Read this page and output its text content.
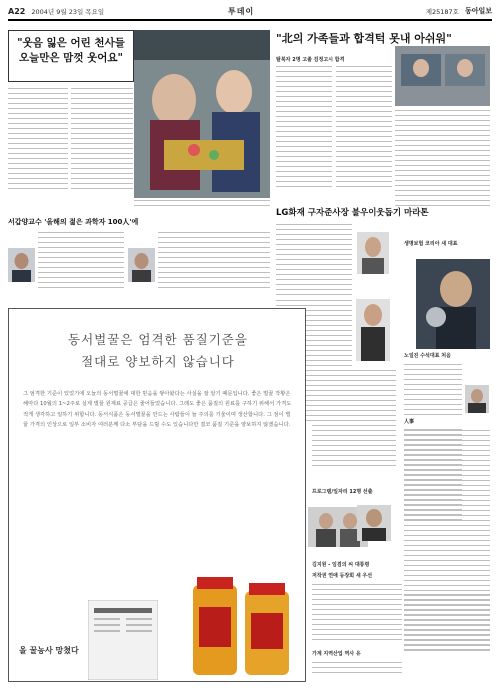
A22 2004년 9월 23일 목요일	투데이	제25187호 동아일보
"웃음 잃은 어린 천사들 오늘만은 맘껏 웃어요"
"北의 가족들과 합격턱 못내 아쉬워"
탈북자 2명 고졸 검정고시 합격
서갑양교수 '올해의 젊은 과학자 100人'에
LG화재 구자준사장 불우이웃돕기 마라톤
생명보험 코리아 새 대표
노일진 수석대표 처음
프로그램/일자리 12명 선출
김지원 - 임겸의 씨 대통령
저작권 연애 등장회 새 우선
가계 지역산업 역사 유
人事
동서벌꿀은 엄격한 품질기준을
절대로 양보하지 않습니다
그 엄격한 기준이 있었기에 오늘의 동서벌꿀에 대한 믿음을 쌓아왔다는 사실을 잘 알기 때문입니다. 좋은 벌꿀 작황은 해마다 10월의 1~2주로 실제 벌꿀 원재료 공급은 줄어들었습니다. 그래도 좋은 품질의 원료를 구하기 위해서 가격도 적게 생각하고 일하기 위합니다. 동서식품은 동서벌꿀을 만드는 사람들이 늘 주의를 기울이며 생산합니다. 그 점이 벌꿀 가격의 인상으로 일부 소비자 여러분께 다소 부담을 드릴 수도 있습니다만 결코 품질 기준을 양보하지 않겠습니다.
올 꿀농사 망쳤다
